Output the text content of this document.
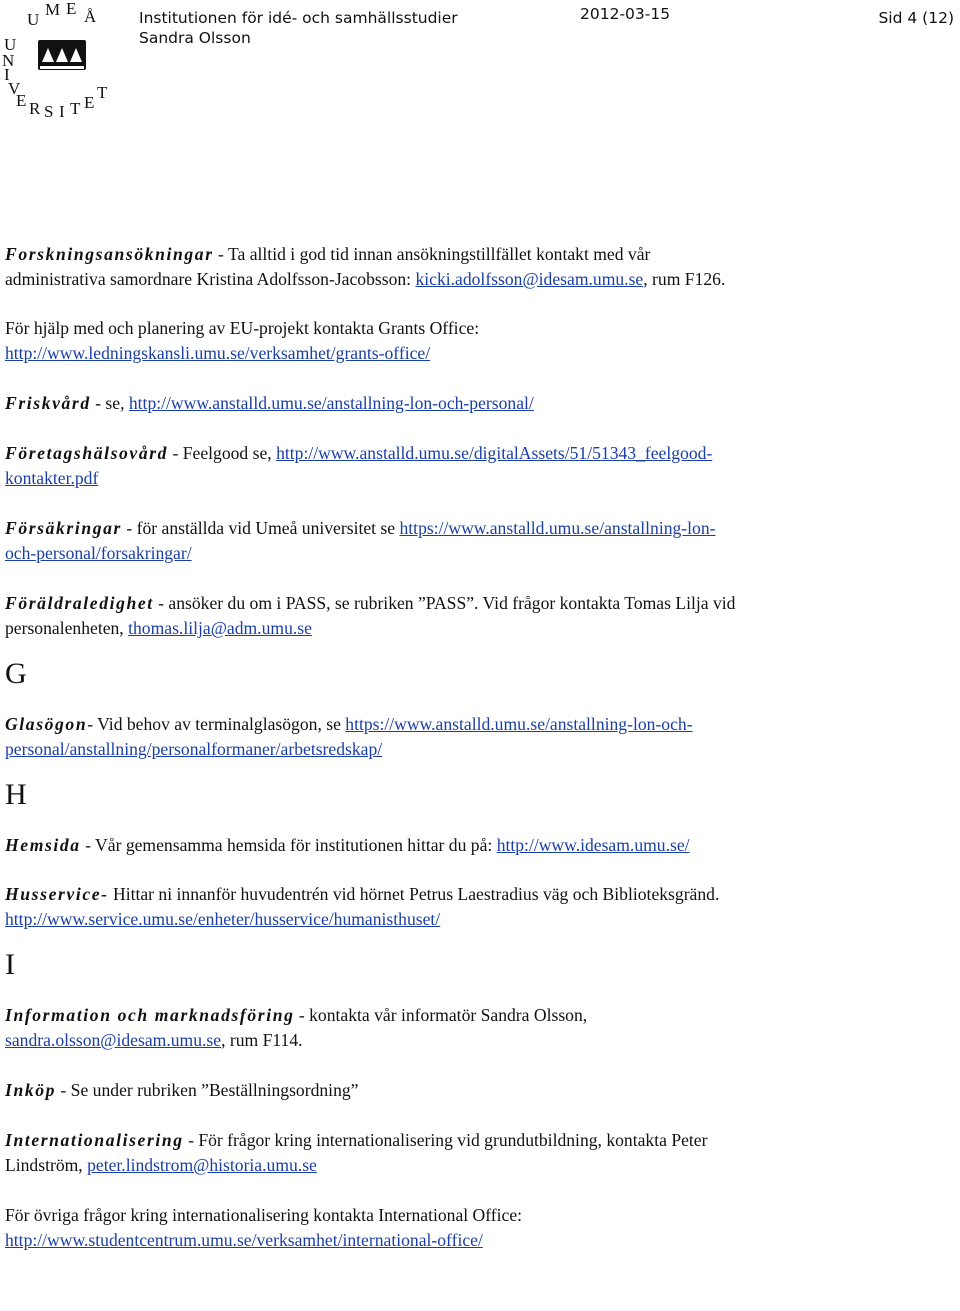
U
M E Å
U
N
I
V
E R S I T E
T
Institutionen för idé- och samhällsstudier
Sandra Olsson
2012-03-15	Sid 4 (12)

Forskningsansökningar - Ta alltid i god tid innan ansökningstillfället kontakt med vår
administrativa samordnare Kristina Adolfsson-Jacobsson: kicki.adolfsson@idesam.umu.se, rum F126.

För hjälp med och planering av EU-projekt kontakta Grants Office:
http://www.ledningskansli.umu.se/verksamhet/grants-office/

Friskvård - se, http://www.anstalld.umu.se/anstallning-lon-och-personal/

Företagshälsovård - Feelgood se, http://www.anstalld.umu.se/digitalAssets/51/51343_feelgood-
kontakter.pdf

Försäkringar - för anställda vid Umeå universitet se https://www.anstalld.umu.se/anstallning-lon-
och-personal/forsakringar/

Föräldraledighet - ansöker du om i PASS, se rubriken ”PASS”. Vid frågor kontakta Tomas Lilja vid
personalenheten, thomas.lilja@adm.umu.se

G

Glasögon- Vid behov av terminalglasögon, se https://www.anstalld.umu.se/anstallning-lon-och-
personal/anstallning/personalformaner/arbetsredskap/

H

Hemsida - Vår gemensamma hemsida för institutionen hittar du på: http://www.idesam.umu.se/

Husservice- Hittar ni innanför huvudentrén vid hörnet Petrus Laestradius väg och Biblioteksgränd.
http://www.service.umu.se/enheter/husservice/humanisthuset/

I

Information och marknadsföring - kontakta vår informatör Sandra Olsson,
sandra.olsson@idesam.umu.se, rum F114.

Inköp - Se under rubriken ”Beställningsordning”

Internationalisering - För frågor kring internationalisering vid grundutbildning, kontakta Peter
Lindström, peter.lindstrom@historia.umu.se

För övriga frågor kring internationalisering kontakta International Office:
http://www.studentcentrum.umu.se/verksamhet/international-office/
